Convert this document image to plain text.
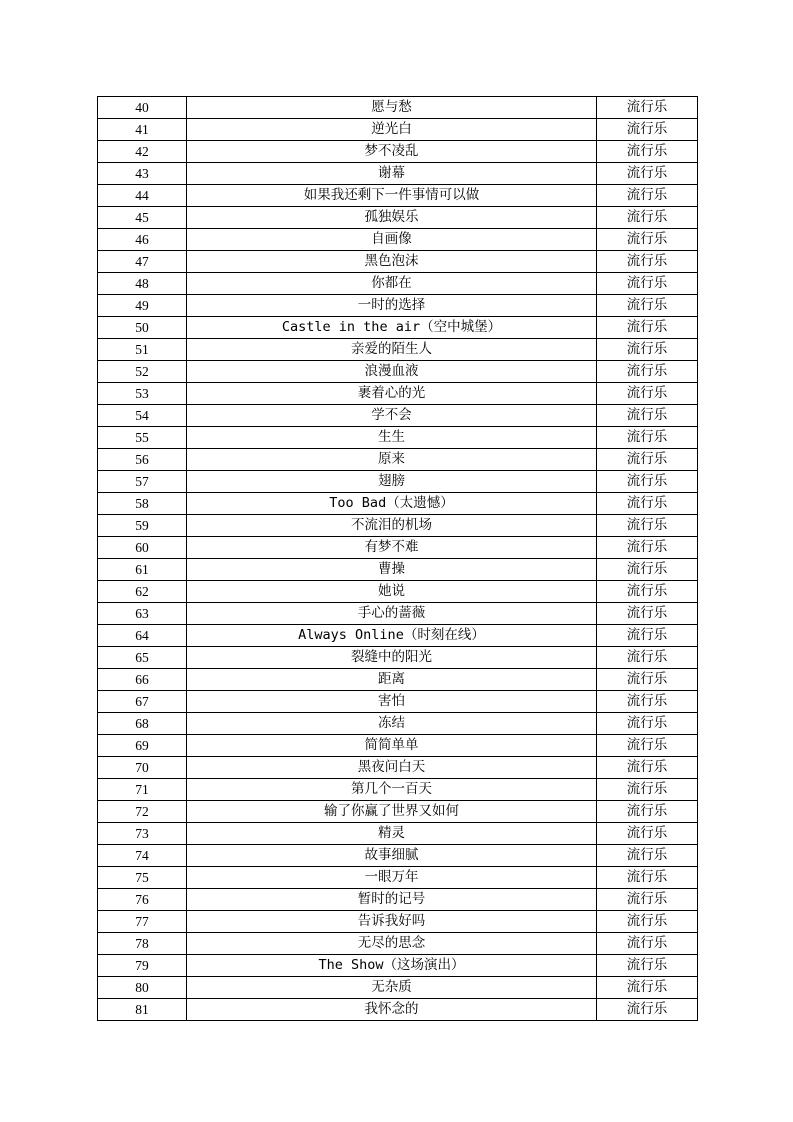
40	愿与愁	流行乐
41	逆光白	流行乐
42	梦不凌乱	流行乐
43	谢幕	流行乐
44	如果我还剩下一件事情可以做	流行乐
45	孤独娱乐	流行乐
46	自画像	流行乐
47	黑色泡沫	流行乐
48	你都在	流行乐
49	一时的选择	流行乐
50	Castle in the air（空中城堡）	流行乐
51	亲爱的陌生人	流行乐
52	浪漫血液	流行乐
53	裹着心的光	流行乐
54	学不会	流行乐
55	生生	流行乐
56	原来	流行乐
57	翅膀	流行乐
58	Too Bad（太遗憾）	流行乐
59	不流泪的机场	流行乐
60	有梦不难	流行乐
61	曹操	流行乐
62	她说	流行乐
63	手心的蔷薇	流行乐
64	Always Online（时刻在线）	流行乐
65	裂缝中的阳光	流行乐
66	距离	流行乐
67	害怕	流行乐
68	冻结	流行乐
69	简简单单	流行乐
70	黑夜问白天	流行乐
71	第几个一百天	流行乐
72	输了你赢了世界又如何	流行乐
73	精灵	流行乐
74	故事细腻	流行乐
75	一眼万年	流行乐
76	暂时的记号	流行乐
77	告诉我好吗	流行乐
78	无尽的思念	流行乐
79	The Show（这场演出）	流行乐
80	无杂质	流行乐
81	我怀念的	流行乐
